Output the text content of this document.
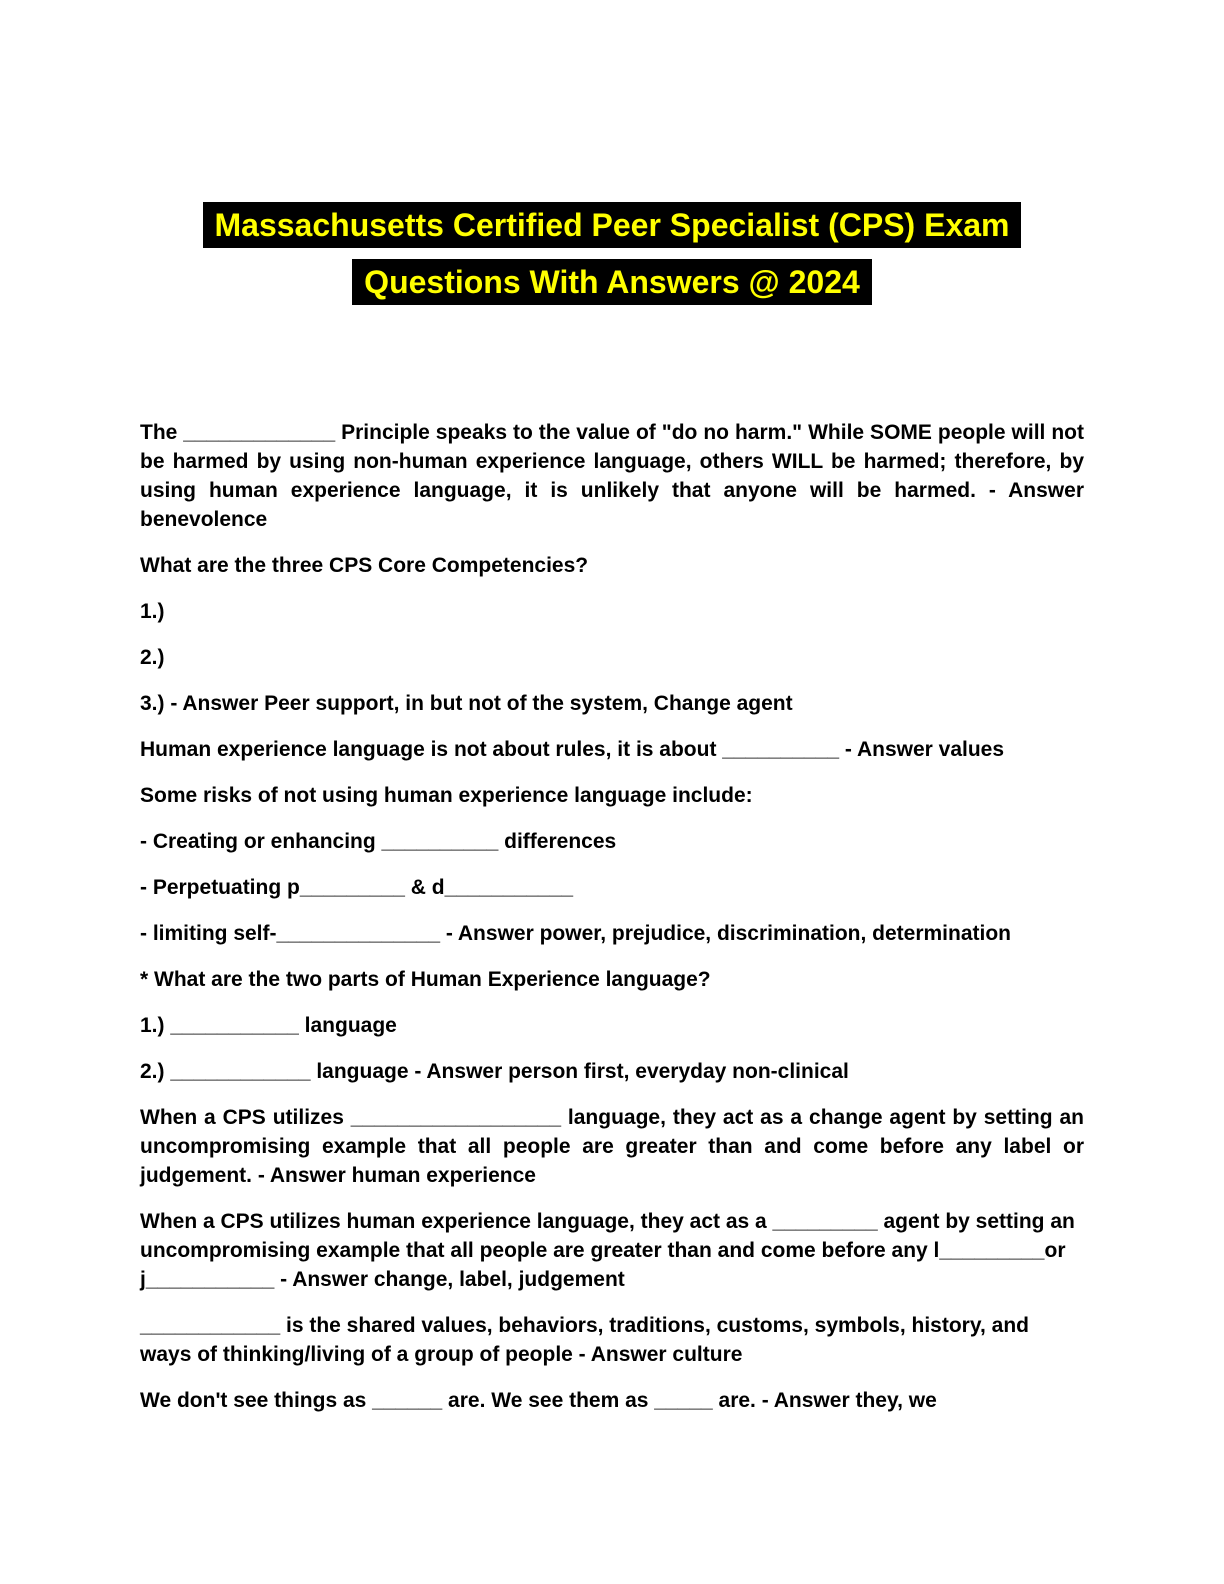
Massachusetts Certified Peer Specialist (CPS) Exam
Questions With Answers @ 2024

The _____________ Principle speaks to the value of "do no harm." While SOME people will not be harmed by using non-human experience language, others WILL be harmed; therefore, by using human experience language, it is unlikely that anyone will be harmed. - Answer benevolence

What are the three CPS Core Competencies?

1.)

2.)

3.) - Answer Peer support, in but not of the system, Change agent

Human experience language is not about rules, it is about __________ - Answer values

Some risks of not using human experience language include:

- Creating or enhancing __________ differences

- Perpetuating p_________ & d___________

- limiting self-______________ - Answer power, prejudice, discrimination, determination

* What are the two parts of Human Experience language?

1.) ___________ language

2.) ____________ language - Answer person first, everyday non-clinical

When a CPS utilizes __________________ language, they act as a change agent by setting an uncompromising example that all people are greater than and come before any label or judgement. - Answer human experience

When a CPS utilizes human experience language, they act as a _________ agent by setting an uncompromising example that all people are greater than and come before any l_________or j___________ - Answer change, label, judgement

____________ is the shared values, behaviors, traditions, customs, symbols, history, and ways of thinking/living of a group of people - Answer culture

We don't see things as ______ are. We see them as _____ are. - Answer they, we
